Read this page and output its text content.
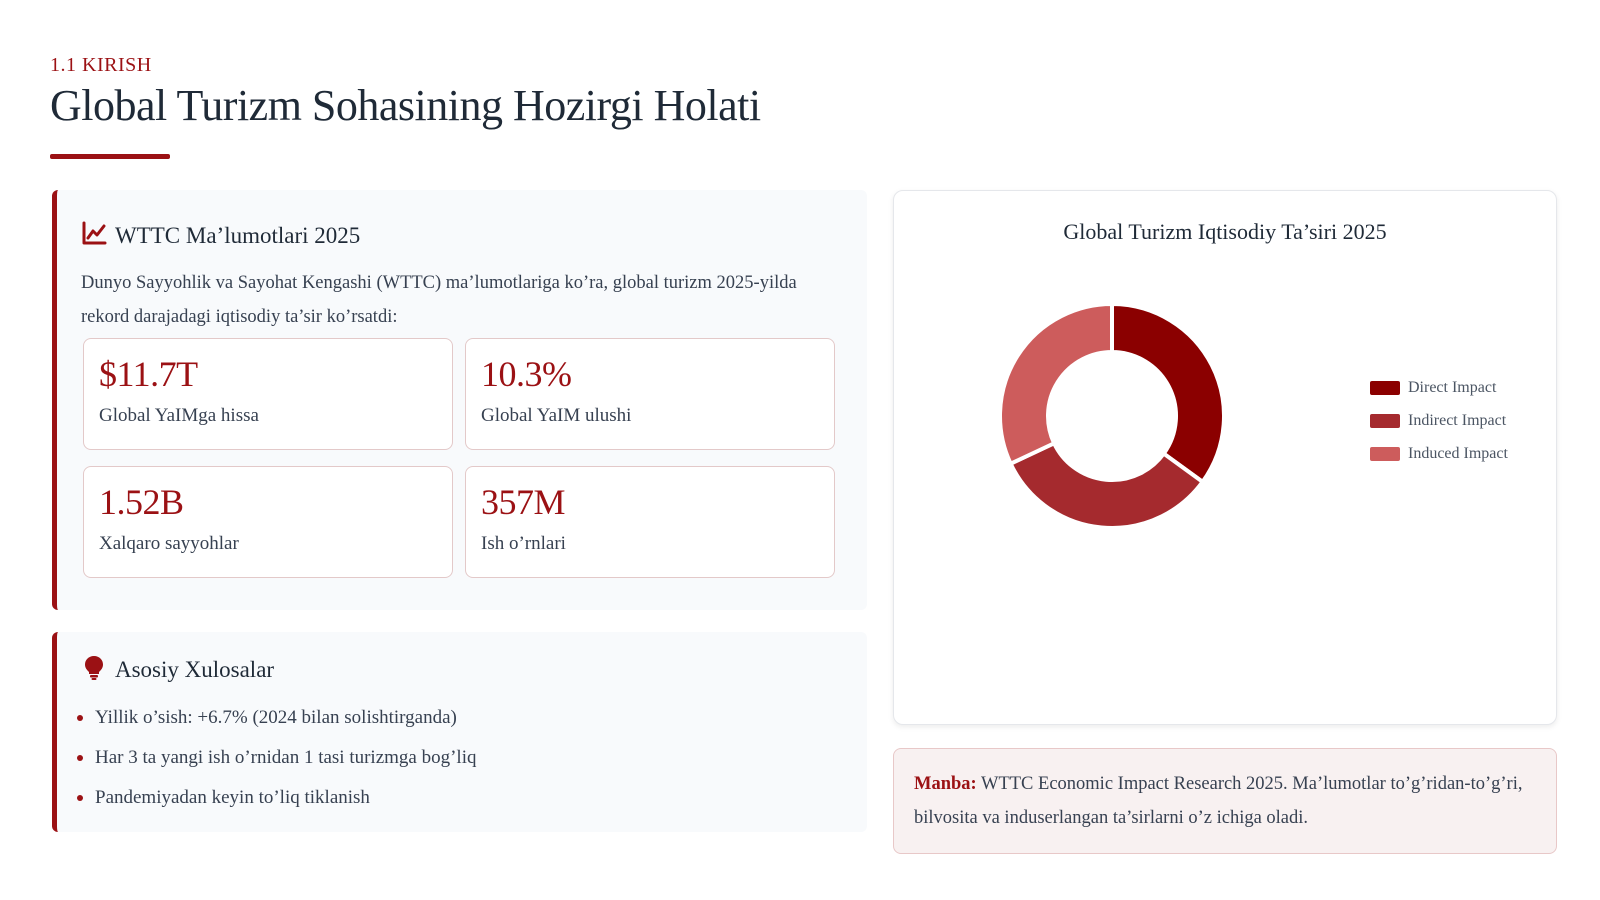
1.1 KIRISH
Global Turizm Sohasining Hozirgi Holati
WTTC Ma’lumotlari 2025

Dunyo Sayyohlik va Sayohat Kengashi (WTTC) ma’lumotlariga ko’ra, global turizm 2025-yilda rekord darajadagi iqtisodiy ta’sir ko’rsatdi:

$11.7T
Global YaIMga hissa
10.3%
Global YaIM ulushi
1.52B
Xalqaro sayyohlar
357M
Ish o’rnlari
Asosiy Xulosalar
Yillik o’sish: +6.7% (2024 bilan solishtirganda)
Har 3 ta yangi ish o’rnidan 1 tasi turizmga bog’liq
Pandemiyadan keyin to’liq tiklanish
Global Turizm Iqtisodiy Ta’siri 2025
Direct Impact
Indirect Impact
Induced Impact
Manba: WTTC Economic Impact Research 2025. Ma’lumotlar to’g’ridan-to’g’ri, bilvosita va induserlangan ta’sirlarni o’z ichiga oladi.
